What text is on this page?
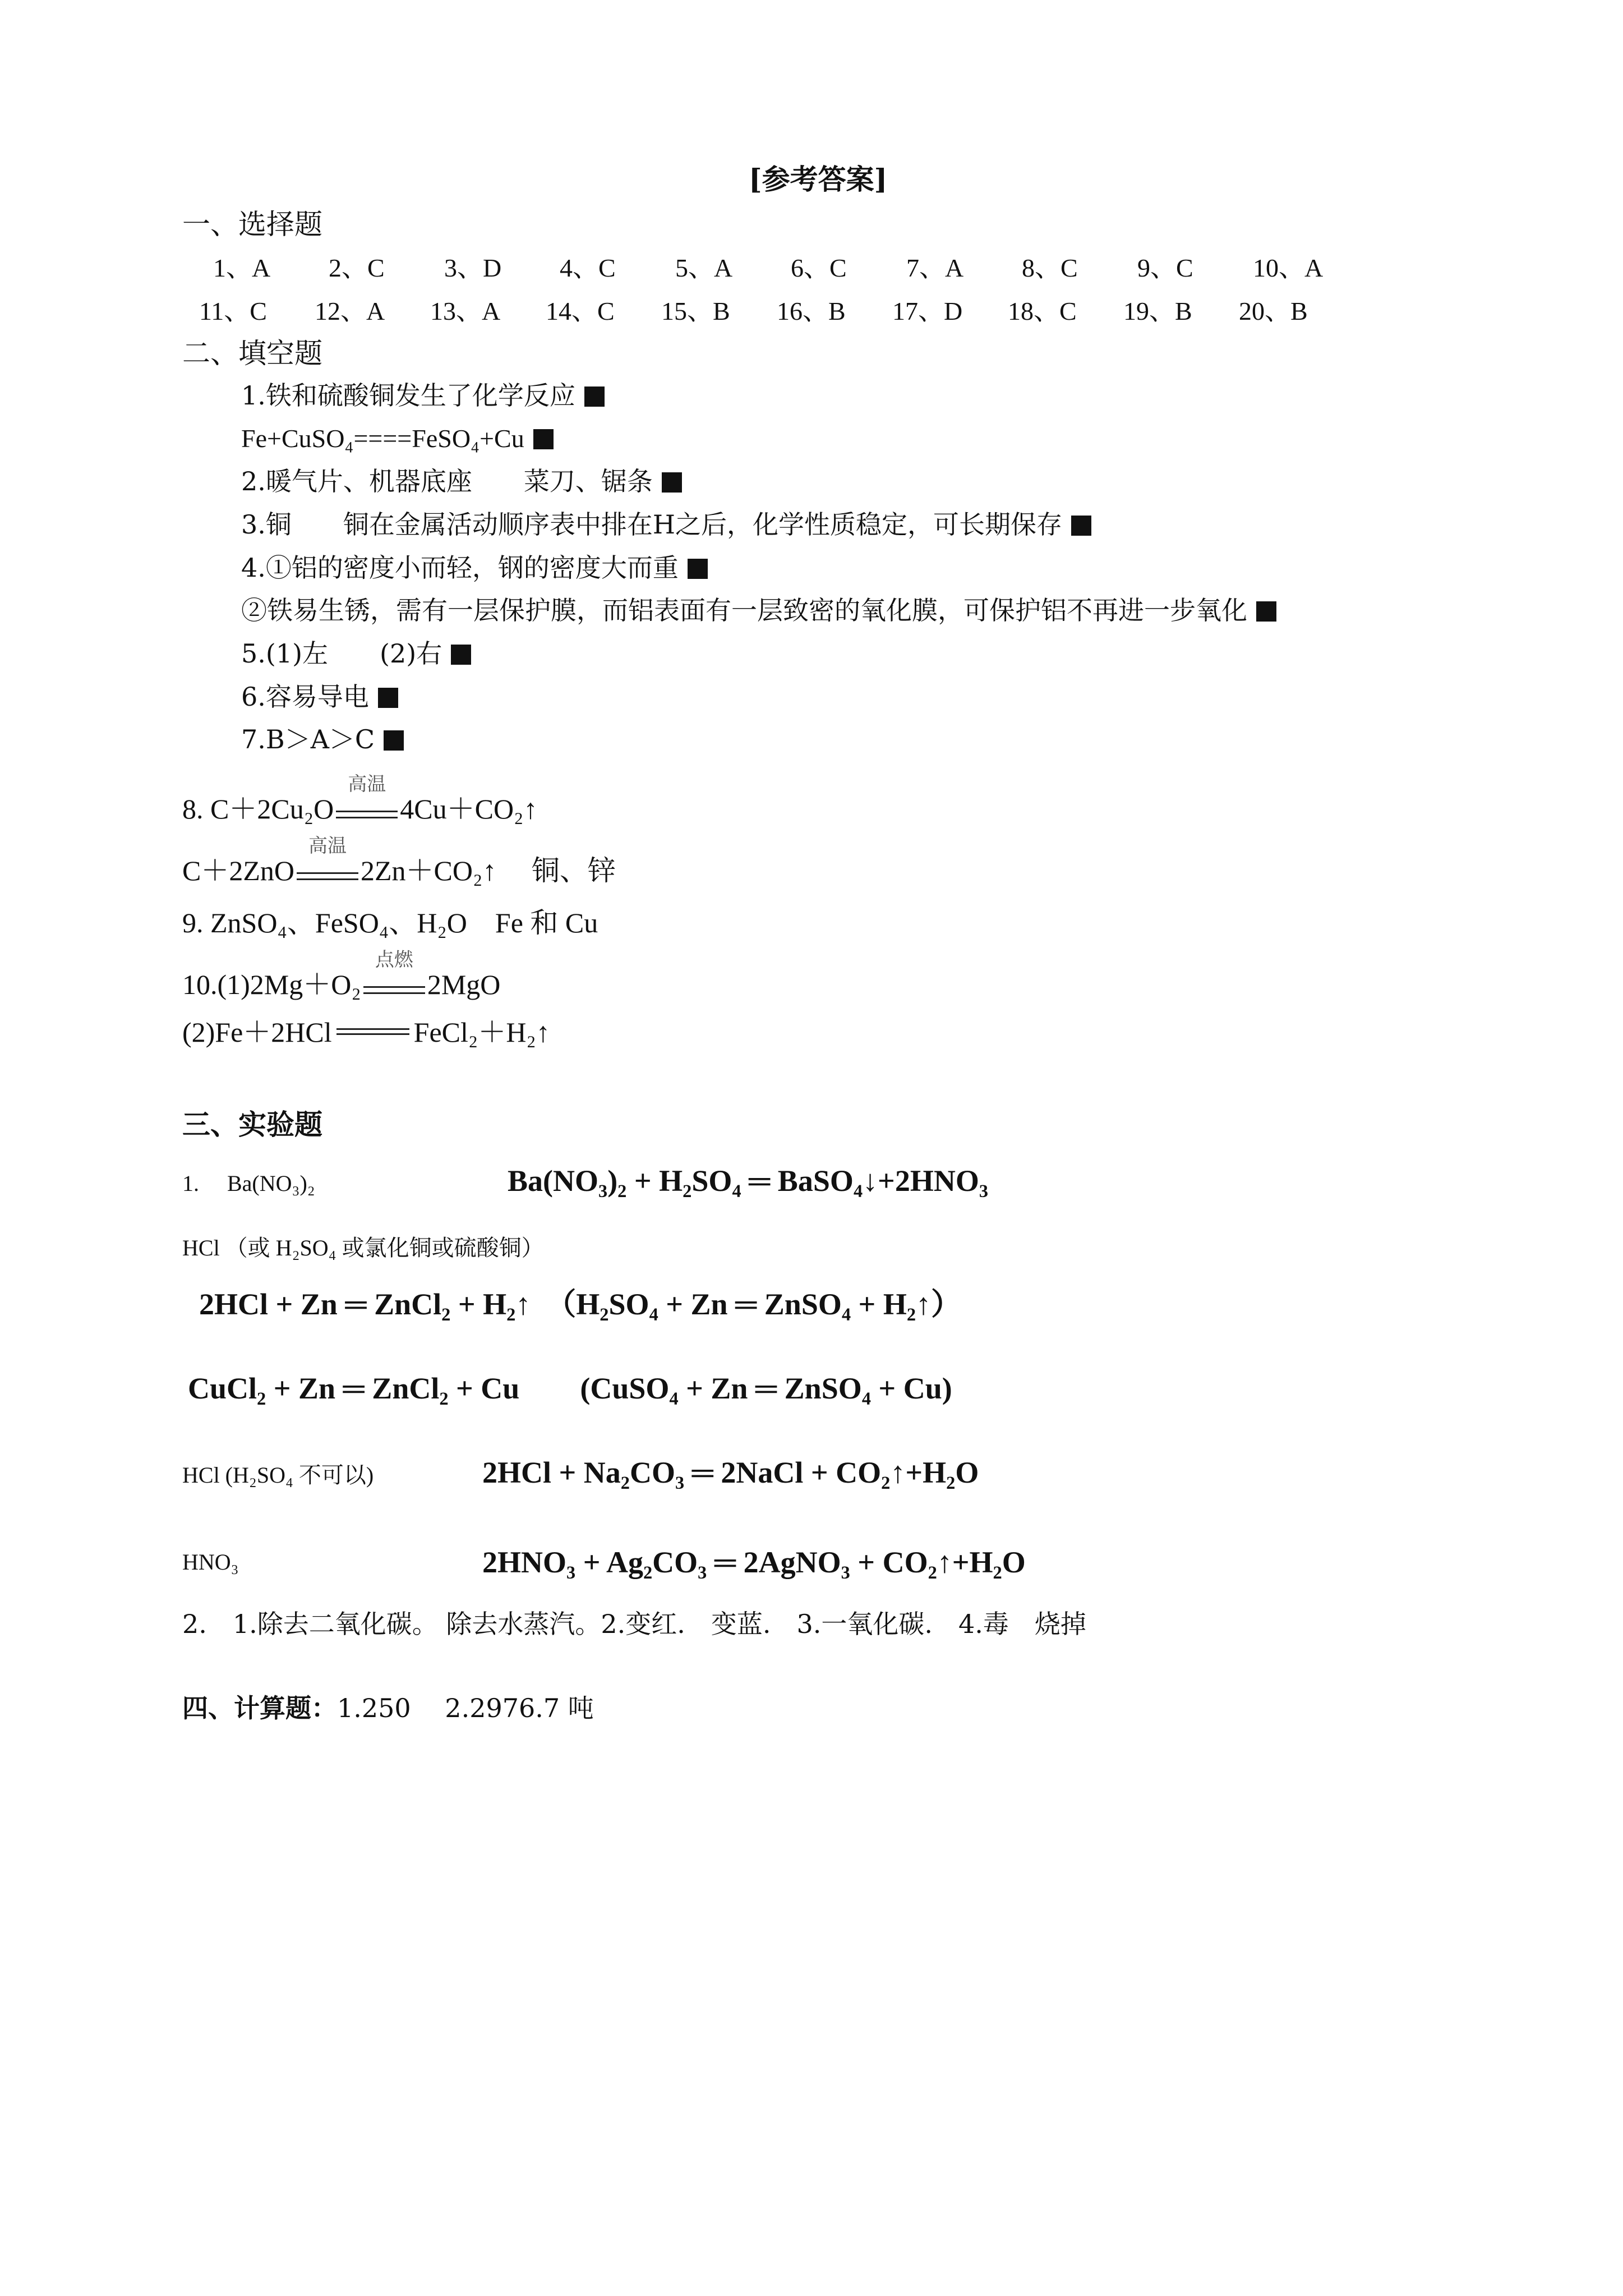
[参考答案]
一、选择题
1、A 2、C 3、D 4、C 5、A 6、C 7、A 8、C 9、C 10、A
11、C 12、A 13、A 14、C 15、B 16、B 17、D 18、C 19、B 20、B
二、填空题
1.铁和硫酸铜发生了化学反应
Fe+CuSO₄====FeSO₄+Cu
2.暖气片、机器底座　　菜刀、锯条
3.铜　　铜在金属活动顺序表中排在H之后，化学性质稳定，可长期保存
4.①铝的密度小而轻，钢的密度大而重
②铁易生锈，需有一层保护膜，而铝表面有一层致密的氧化膜，可保护铝不再进一步氧化
5.(1)左　　(2)右
6.容易导电
7.B＞A＞C
8. C＋2Cu₂O
高温
4Cu＋CO₂↑
C＋2ZnO
高温
2Zn＋CO₂↑　 铜、锌
9. ZnSO₄、FeSO₄、H₂O　Fe 和 Cu
10.(1)2Mg＋O₂
点燃
2MgO
(2)Fe＋2HCl	FeCl₂＋H₂↑
三、实验题
1.　 Ba(NO₃)₂	Ba(NO₃)₂ + H₂SO₄ ═ BaSO₄↓+2HNO₃
HCl （或 H₂SO₄ 或氯化铜或硫酸铜）
2HCl + Zn ═ ZnCl₂ + H₂↑　（H₂SO₄ + Zn ═ ZnSO₄ + H₂↑）
CuCl₂ + Zn ═ ZnCl₂ + Cu　　(CuSO₄ + Zn ═ ZnSO₄ + Cu)
HCl (H₂SO₄ 不可以)	2HCl + Na₂CO₃ ═ 2NaCl + CO₂↑+H₂O
HNO₃	2HNO₃ + Ag₂CO₃ ═ 2AgNO₃ + CO₂↑+H₂O
2.　1.除去二氧化碳。 除去水蒸汽。2.变红.　变蓝.　3.一氧化碳.　4.毒　烧掉
四、计算题：1.250　 2.2976.7 吨
